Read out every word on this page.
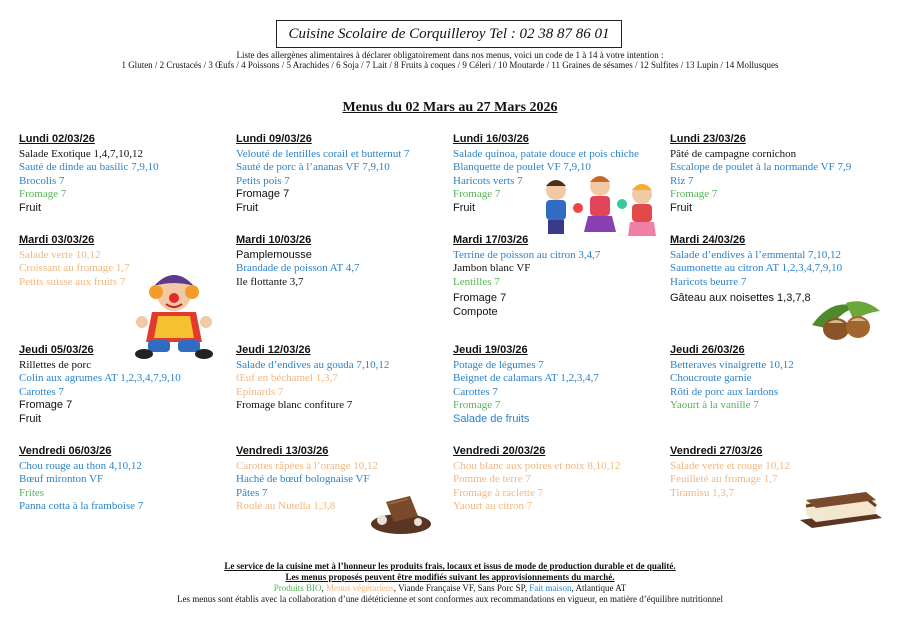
Cuisine Scolaire de Corquilleroy Tel : 02 38 87 86 01
Liste des allergènes alimentaires à déclarer obligatoirement dans nos menus, voici un code de 1 à 14 à votre intention :
1 Gluten / 2 Crustacés / 3 Œufs / 4 Poissons / 5 Arachides / 6 Soja / 7 Lait / 8 Fruits à coques / 9 Céleri / 10 Moutarde / 11 Graines de sésames / 12 Sulfites / 13 Lupin / 14 Mollusques
Menus du 02 Mars au 27 Mars 2026
Lundi 02/03/26
Salade Exotique 1,4,7,10,12
Sauté de dinde au basilic 7,9,10
Brocolis 7
Fromage 7
Fruit
Lundi 09/03/26
Velouté de lentilles corail et butternut 7
Sauté de porc à l’ananas VF 7,9,10
Petits pois 7
Fromage 7
Fruit
Lundi 16/03/26
Salade quinoa, patate douce et pois chiche
Blanquette de poulet VF 7,9,10
Haricots verts 7
Fromage 7
Fruit
Lundi 23/03/26
Pâté de campagne cornichon
Escalope de poulet à la normande VF 7,9
Riz 7
Fromage 7
Fruit
Mardi 03/03/26
Salade verte 10,12
Croissant au fromage 1,7
Petits suisse aux fruits 7
Mardi 10/03/26
Pamplemousse
Brandade de poisson AT 4,7
Ile flottante 3,7
Mardi 17/03/26
Terrine de poisson au citron 3,4,7
Jambon blanc VF
Lentilles 7
Fromage 7
Compote
Mardi 24/03/26
Salade d’endives à l’emmental 7,10,12
Saumonette au citron AT 1,2,3,4,7,9,10
Haricots beurre 7
Gâteau aux noisettes 1,3,7,8
Jeudi 05/03/26
Rillettes de porc
Colin aux agrumes AT 1,2,3,4,7,9,10
Carottes 7
Fromage 7
Fruit
Jeudi 12/03/26
Salade d’endives au gouda 7,10,12
Œuf en béchamel 1,3,7
Epinards 7
Fromage blanc confiture 7
Jeudi 19/03/26
Potage de légumes 7
Beignet de calamars AT 1,2,3,4,7
Carottes 7
Fromage 7
Salade de fruits
Jeudi 26/03/26
Betteraves vinaigrette 10,12
Choucroute garnie
Rôti de porc aux lardons
Yaourt à la vanille 7
Vendredi 06/03/26
Chou rouge au thon 4,10,12
Bœuf mironton VF
Frites
Panna cotta à la framboise 7
Vendredi 13/03/26
Carottes râpées à l’orange 10,12
Haché de bœuf bolognaise VF
Pâtes 7
Roulé au Nutella 1,3,8
Vendredi 20/03/26
Chou blanc aux poires et noix 8,10,12
Pomme de terre 7
Fromage à raclette 7
Yaourt au citron 7
Vendredi 27/03/26
Salade verte et rouge 10,12
Feuilleté au fromage 1,7
Tiramisu 1,3,7
Le service de la cuisine met à l’honneur les produits frais, locaux et issus de mode de production durable et de qualité.
Les menus proposés peuvent être modifiés suivant les approvisionnements du marché.
Produits BIO, Menus végétariens, Viande Française VF, Sans Porc SP, Fait maison, Atlantique AT
Les menus sont établis avec la collaboration d’une diététicienne et sont conformes aux recommandations en vigueur, en matière d’équilibre nutritionnel
